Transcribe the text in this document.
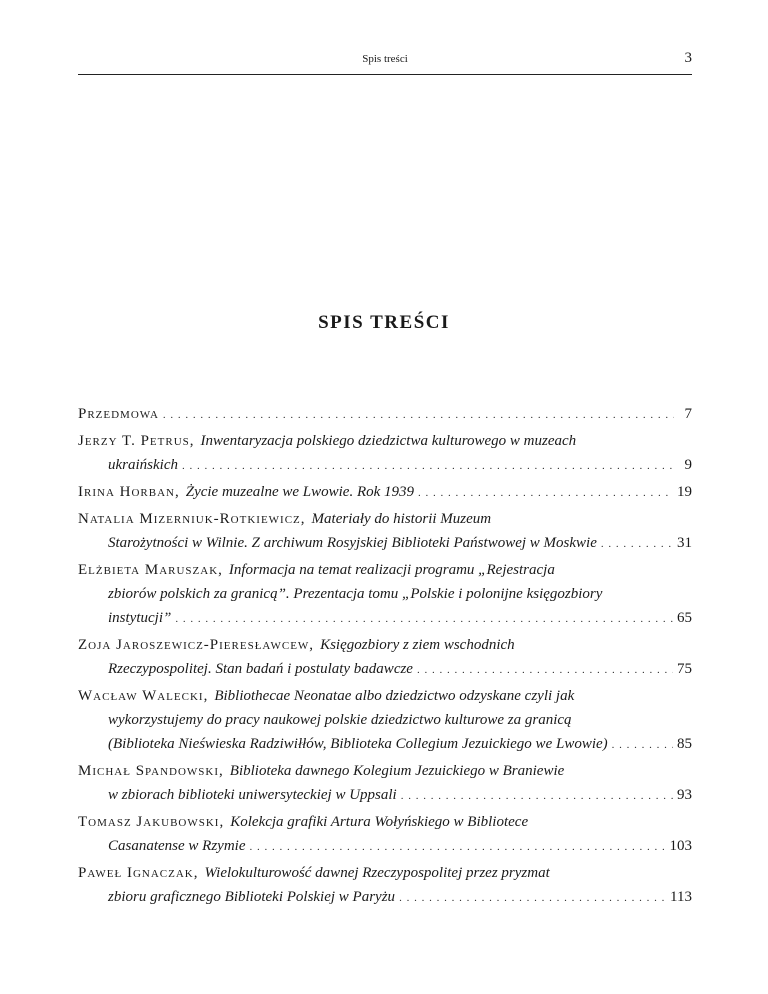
Spis treści	3
SPIS TREŚCI
Przedmowa . . .	7
Jerzy T. Petrus, Inwentaryzacja polskiego dziedzictwa kulturowego w muzeach
ukraińskich . . .	9
Irina Horban, Życie muzealne we Lwowie. Rok 1939 . . .	19
Natalia Mizerniuk-Rotkiewicz, Materiały do historii Muzeum
Starożytności w Wilnie. Z archiwum Rosyjskiej Biblioteki Państwowej w Moskwie . . .	31
Elżbieta Maruszak, Informacja na temat realizacji programu „Rejestracja
zbiorów polskich za granicą”. Prezentacja tomu „Polskie i polonijne księgozbiory
instytucji” . . .	65
Zoja Jaroszewicz-Pieresławcew, Księgozbiory z ziem wschodnich
Rzeczypospolitej. Stan badań i postulaty badawcze . . .	75
Wacław Walecki, Bibliothecae Neonatae albo dziedzictwo odzyskane czyli jak
wykorzystujemy do pracy naukowej polskie dziedzictwo kulturowe za granicą
(Biblioteka Nieświeska Radziwiłłów, Biblioteka Collegium Jezuickiego we Lwowie) . . .	85
Michał Spandowski, Biblioteka dawnego Kolegium Jezuickiego w Braniewie
w zbiorach biblioteki uniwersyteckiej w Uppsali . . .	93
Tomasz Jakubowski, Kolekcja grafiki Artura Wołyńskiego w Bibliotece
Casanatense w Rzymie . . .	103
Paweł Ignaczak, Wielokulturowość dawnej Rzeczypospolitej przez pryzmat
zbioru graficznego Biblioteki Polskiej w Paryżu . . .	113
